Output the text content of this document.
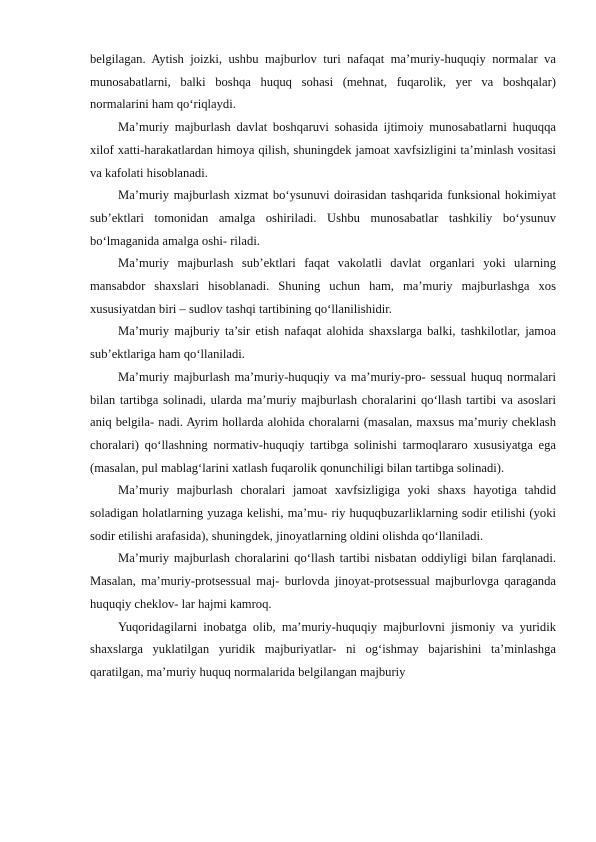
belgilagan. Aytish joizki, ushbu majburlov turi nafaqat ma’muriy-huquqiy normalar va munosabatlarni, balki boshqa huquq sohasi (mehnat, fuqarolik, yer va boshqalar) normalarini ham qo‘riqlaydi.

Ma’muriy majburlash davlat boshqaruvi sohasida ijtimoiy munosabatlarni huquqqa xilof xatti-harakatlardan himoya qilish, shuningdek jamoat xavfsizligini ta’minlash vositasi va kafolati hisoblanadi.

Ma’muriy majburlash xizmat bo‘ysunuvi doirasidan tashqarida funksional hokimiyat sub’ektlari tomonidan amalga oshiriladi. Ushbu munosabatlar tashkiliy bo‘ysunuv bo‘lmaganida amalga oshi- riladi.

Ma’muriy majburlash sub’ektlari faqat vakolatli davlat organlari yoki ularning mansabdor shaxslari hisoblanadi. Shuning uchun ham, ma’muriy majburlashga xos xususiyatdan biri – sudlov tashqi tartibining qo‘llanilishidir.

Ma’muriy majburiy ta’sir etish nafaqat alohida shaxslarga balki, tashkilotlar, jamoa sub’ektlariga ham qo‘llaniladi.

Ma’muriy majburlash ma’muriy-huquqiy va ma’muriy-pro- sessual huquq normalari bilan tartibga solinadi, ularda ma’muriy majburlash choralarini qo‘llash tartibi va asoslari aniq belgila- nadi. Ayrim hollarda alohida choralarni (masalan, maxsus ma’muriy cheklash choralari) qo‘llashning normativ-huquqiy tartibga solinishi tarmoqlararo xususiyatga ega (masalan, pul mablag‘larini xatlash fuqarolik qonunchiligi bilan tartibga solinadi).

Ma’muriy majburlash choralari jamoat xavfsizligiga yoki shaxs hayotiga tahdid soladigan holatlarning yuzaga kelishi, ma’mu- riy huquqbuzarliklarning sodir etilishi (yoki sodir etilishi arafasida), shuningdek, jinoyatlarning oldini olishda qo‘llaniladi.

Ma’muriy majburlash choralarini qo‘llash tartibi nisbatan oddiyligi bilan farqlanadi. Masalan, ma’muriy-protsessual maj- burlovda jinoyat-protsessual majburlovga qaraganda huquqiy cheklov- lar hajmi kamroq.

Yuqoridagilarni inobatga olib, ma’muriy-huquqiy majburlovni jismoniy va yuridik shaxslarga yuklatilgan yuridik majburiyatlar- ni og‘ishmay bajarishini ta’minlashga qaratilgan, ma’muriy huquq normalarida belgilangan majburiy
